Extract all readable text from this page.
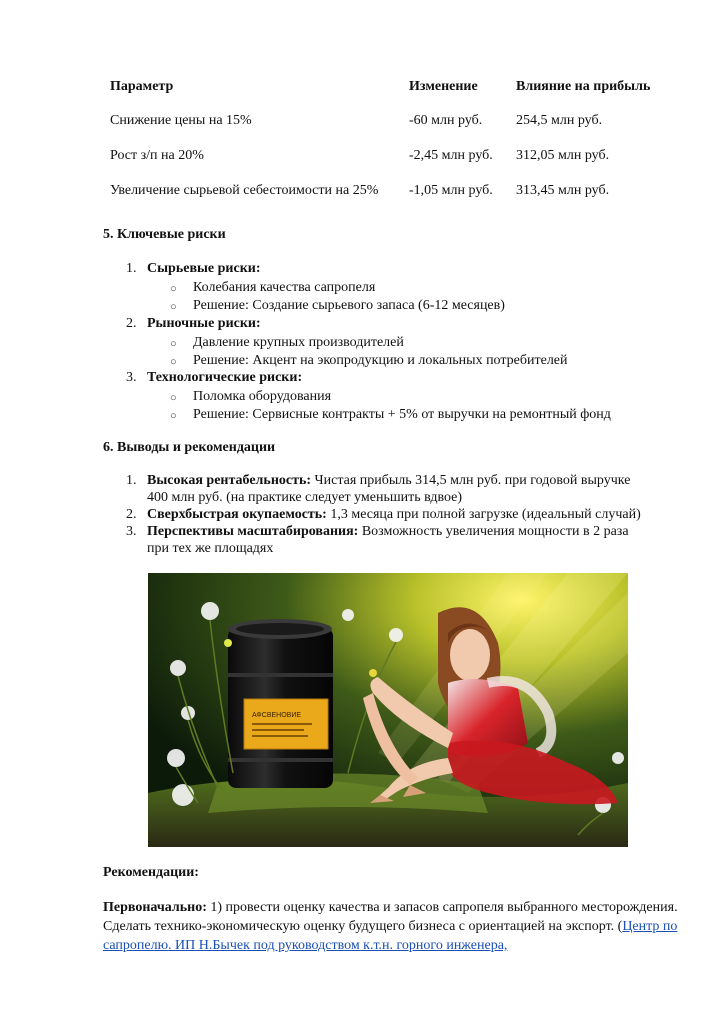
Параметр	Изменение	Влияние на прибыль
Снижение цены на 15%	-60 млн руб. 254,5 млн руб.
Рост з/п на 20%	-2,45 млн руб. 312,05 млн руб.
Увеличение сырьевой себестоимости на 25% -1,05 млн руб. 313,45 млн руб.
5. Ключевые риски
1. Сырьевые риски:
○ Колебания качества сапропеля
○ Решение: Создание сырьевого запаса (6-12 месяцев)
2. Рыночные риски:
○ Давление крупных производителей
○ Решение: Акцент на экопродукцию и локальных потребителей
3. Технологические риски:
○ Поломка оборудования
○ Решение: Сервисные контракты + 5% от выручки на ремонтный фонд
6. Выводы и рекомендации
1. Высокая рентабельность: Чистая прибыль 314,5 млн руб. при годовой выручке
400 млн руб. (на практике следует уменьшить вдвое)
2. Сверхбыстрая окупаемость: 1,3 месяца при полной загрузке (идеальный случай)
3. Перспективы масштабирования: Возможность увеличения мощности в 2 раза
при тех же площадях
АФСВЕНОВИЕ
Рекомендации:
Первоначально: 1) провести оценку качества и запасов сапропеля выбранного месторождения. Сделать технико-экономическую оценку будущего бизнеса с ориентацией на экспорт. (Центр по сапропелю. ИП Н.Бычек под руководством к.т.н. горного инженера,
